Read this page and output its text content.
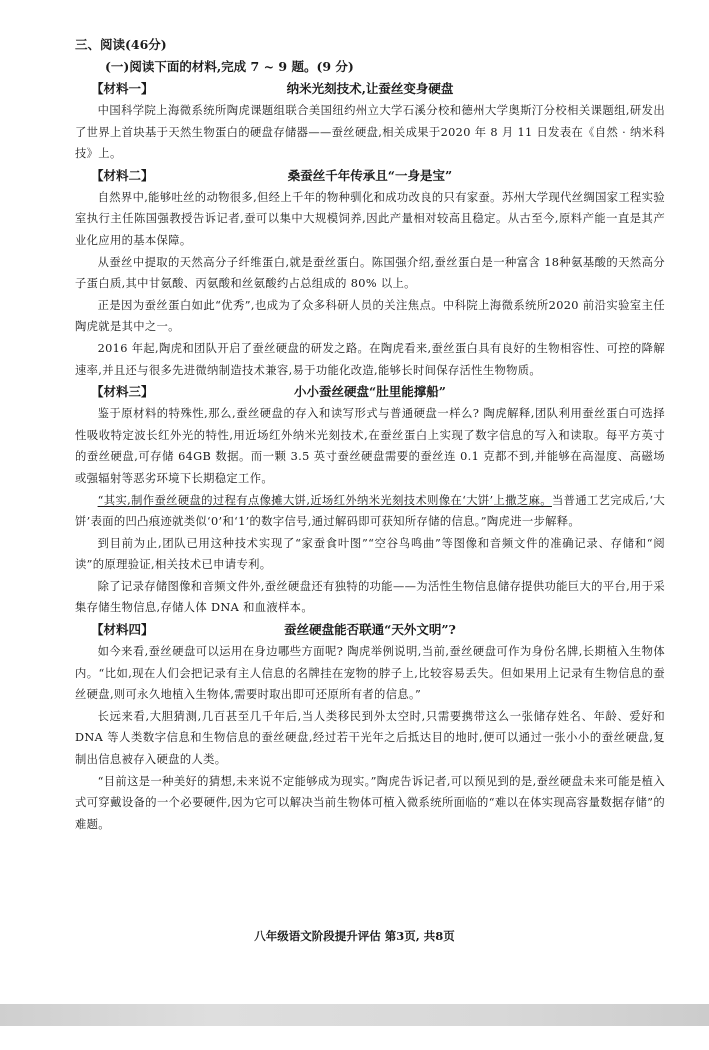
三、阅读(46分)
(一)阅读下面的材料,完成 7 ~ 9 题。(9 分)
【材料一】	纳米光刻技术,让蚕丝变身硬盘

中国科学院上海微系统所陶虎课题组联合美国纽约州立大学石溪分校和德州大学奥斯汀分校相关课题组,研发出了世界上首块基于天然生物蛋白的硬盘存储器——蚕丝硬盘,相关成果于2020 年 8 月 11 日发表在《自然 · 纳米科技》上。

【材料二】	桑蚕丝千年传承且“一身是宝”

自然界中,能够吐丝的动物很多,但经上千年的物种驯化和成功改良的只有家蚕。苏州大学现代丝绸国家工程实验室执行主任陈国强教授告诉记者,蚕可以集中大规模饲养,因此产量相对较高且稳定。从古至今,原料产能一直是其产业化应用的基本保障。

从蚕丝中提取的天然高分子纤维蛋白,就是蚕丝蛋白。陈国强介绍,蚕丝蛋白是一种富含 18种氨基酸的天然高分子蛋白质,其中甘氨酸、丙氨酸和丝氨酸约占总组成的 80% 以上。

正是因为蚕丝蛋白如此“优秀”,也成为了众多科研人员的关注焦点。中科院上海微系统所2020 前沿实验室主任陶虎就是其中之一。

2016 年起,陶虎和团队开启了蚕丝硬盘的研发之路。在陶虎看来,蚕丝蛋白具有良好的生物相容性、可控的降解速率,并且还与很多先进微纳制造技术兼容,易于功能化改造,能够长时间保存活性生物物质。

【材料三】	小小蚕丝硬盘“肚里能撑船”

鉴于原材料的特殊性,那么,蚕丝硬盘的存入和读写形式与普通硬盘一样么? 陶虎解释,团队利用蚕丝蛋白可选择性吸收特定波长红外光的特性,用近场红外纳米光刻技术,在蚕丝蛋白上实现了数字信息的写入和读取。每平方英寸的蚕丝硬盘,可存储 64GB 数据。而一颗 3.5 英寸蚕丝硬盘需要的蚕丝连 0.1 克都不到,并能够在高湿度、高磁场或强辐射等恶劣环境下长期稳定工作。

“其实,制作蚕丝硬盘的过程有点像摊大饼,近场红外纳米光刻技术则像在‘大饼’上撒芝麻。当普通工艺完成后,‘大饼’表面的凹凸痕迹就类似‘0’和‘1’的数字信号,通过解码即可获知所存储的信息。”陶虎进一步解释。

到目前为止,团队已用这种技术实现了“家蚕食叶图”“空谷鸟鸣曲”等图像和音频文件的准确记录、存储和“阅读”的原理验证,相关技术已申请专利。

除了记录存储图像和音频文件外,蚕丝硬盘还有独特的功能——为活性生物信息储存提供功能巨大的平台,用于采集存储生物信息,存储人体 DNA 和血液样本。

【材料四】	蚕丝硬盘能否联通“天外文明”?

如今来看,蚕丝硬盘可以运用在身边哪些方面呢? 陶虎举例说明,当前,蚕丝硬盘可作为身份名牌,长期植入生物体内。“比如,现在人们会把记录有主人信息的名牌挂在宠物的脖子上,比较容易丢失。但如果用上记录有生物信息的蚕丝硬盘,则可永久地植入生物体,需要时取出即可还原所有者的信息。”

长远来看,大胆猜测,几百甚至几千年后,当人类移民到外太空时,只需要携带这么一张储存姓名、年龄、爱好和 DNA 等人类数字信息和生物信息的蚕丝硬盘,经过若干光年之后抵达目的地时,便可以通过一张小小的蚕丝硬盘,复制出信息被存入硬盘的人类。

“目前这是一种美好的猜想,未来说不定能够成为现实。”陶虎告诉记者,可以预见到的是,蚕丝硬盘未来可能是植入式可穿戴设备的一个必要硬件,因为它可以解决当前生物体可植入微系统所面临的“难以在体实现高容量数据存储”的难题。

八年级语文阶段提升评估 第3页, 共8页
